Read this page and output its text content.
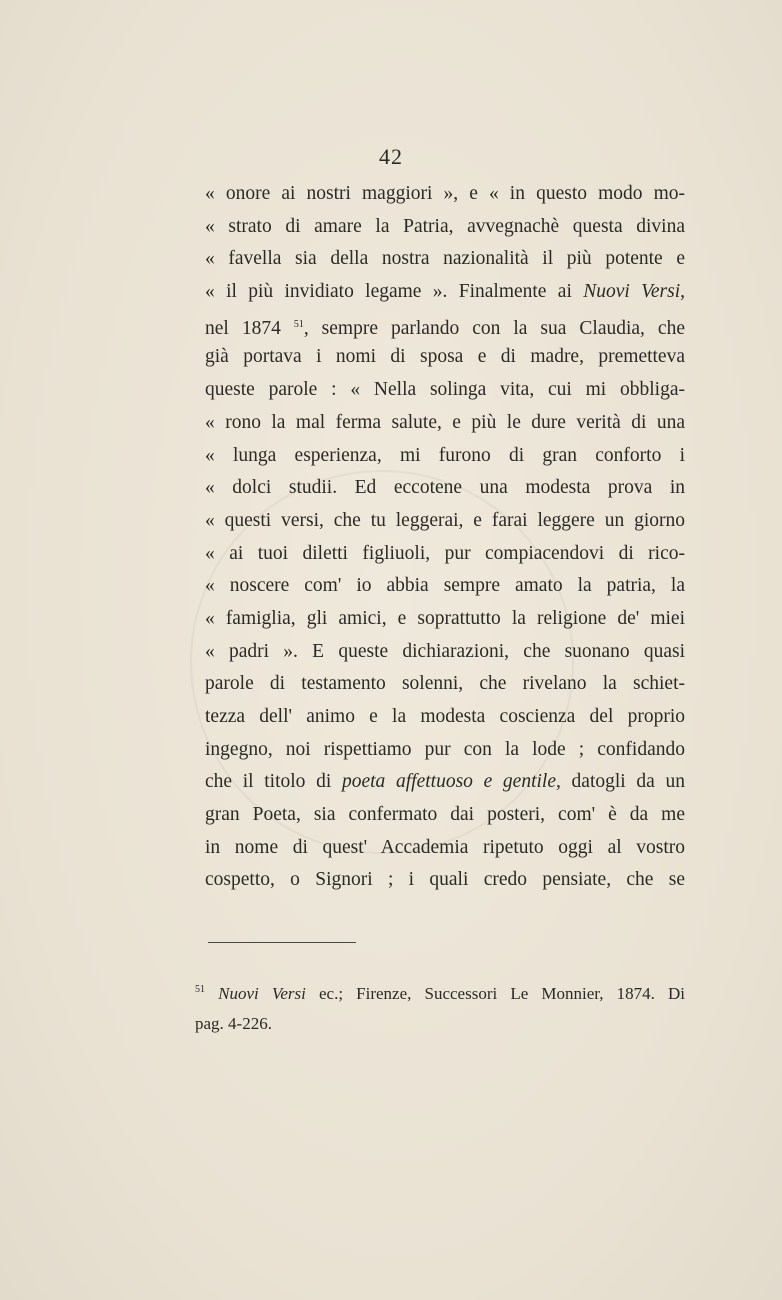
42
« onore ai nostri maggiori », e « in questo modo mo-
« strato di amare la Patria, avvegnachè questa divina
« favella sia della nostra nazionalità il più potente e
« il più invidiato legame ». Finalmente ai Nuovi Versi,
nel 1874 $^{51}$, sempre parlando con la sua Claudia, che
già portava i nomi di sposa e di madre, premetteva
queste parole : « Nella solinga vita, cui mi obbliga-
« rono la mal ferma salute, e più le dure verità di una
« lunga esperienza, mi furono di gran conforto i
« dolci studii. Ed eccotene una modesta prova in
« questi versi, che tu leggerai, e farai leggere un giorno
« ai tuoi diletti figliuoli, pur compiacendovi di rico-
« noscere com' io abbia sempre amato la patria, la
« famiglia, gli amici, e soprattutto la religione de' miei
« padri ». E queste dichiarazioni, che suonano quasi
parole di testamento solenni, che rivelano la schiet-
tezza dell' animo e la modesta coscienza del proprio
ingegno, noi rispettiamo pur con la lode ; confidando
che il titolo di poeta affettuoso e gentile, datogli da un
gran Poeta, sia confermato dai posteri, com' è da me
in nome di quest' Accademia ripetuto oggi al vostro
cospetto, o Signori ; i quali credo pensiate, che se
$^{51}$ Nuovi Versi ec.; Firenze, Successori Le Monnier, 1874. Di
pag. 4-226.
